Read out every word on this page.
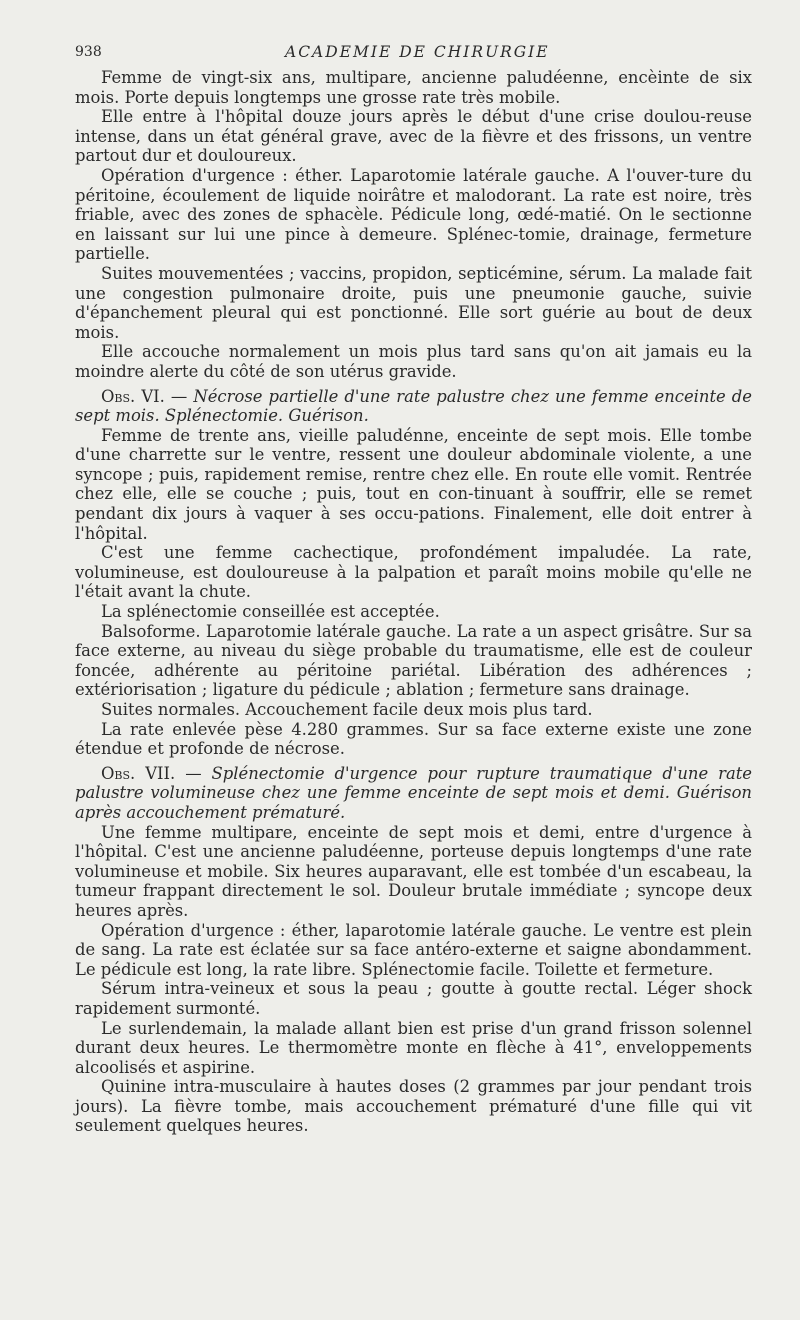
938	ACADEMIE DE CHIRURGIE

Femme de vingt-six ans, multipare, ancienne paludéenne, encèinte de six mois. Porte depuis longtemps une grosse rate très mobile.

Elle entre à l'hôpital douze jours après le début d'une crise doulou-reuse intense, dans un état général grave, avec de la fièvre et des frissons, un ventre partout dur et douloureux.

Opération d'urgence : éther. Laparotomie latérale gauche. A l'ouver-ture du péritoine, écoulement de liquide noirâtre et malodorant. La rate est noire, très friable, avec des zones de sphacèle. Pédicule long, œdé-matié. On le sectionne en laissant sur lui une pince à demeure. Splénec-tomie, drainage, fermeture partielle.

Suites mouvementées ; vaccins, propidon, septicémine, sérum. La malade fait une congestion pulmonaire droite, puis une pneumonie gauche, suivie d'épanchement pleural qui est ponctionné. Elle sort guérie au bout de deux mois.

Elle accouche normalement un mois plus tard sans qu'on ait jamais eu la moindre alerte du côté de son utérus gravide.

Obs. VI. — Nécrose partielle d'une rate palustre chez une femme enceinte de sept mois. Splénectomie. Guérison.

Femme de trente ans, vieille paludénne, enceinte de sept mois. Elle tombe d'une charrette sur le ventre, ressent une douleur abdominale violente, a une syncope ; puis, rapidement remise, rentre chez elle. En route elle vomit. Rentrée chez elle, elle se couche ; puis, tout en con-tinuant à souffrir, elle se remet pendant dix jours à vaquer à ses occu-pations. Finalement, elle doit entrer à l'hôpital.

C'est une femme cachectique, profondément impaludée. La rate, volumineuse, est douloureuse à la palpation et paraît moins mobile qu'elle ne l'était avant la chute.

La splénectomie conseillée est acceptée.

Balsoforme. Laparotomie latérale gauche. La rate a un aspect grisâtre. Sur sa face externe, au niveau du siège probable du traumatisme, elle est de couleur foncée, adhérente au péritoine pariétal. Libération des adhérences ; extériorisation ; ligature du pédicule ; ablation ; fermeture sans drainage.

Suites normales. Accouchement facile deux mois plus tard.

La rate enlevée pèse 4.280 grammes. Sur sa face externe existe une zone étendue et profonde de nécrose.

Obs. VII. — Splénectomie d'urgence pour rupture traumatique d'une rate palustre volumineuse chez une femme enceinte de sept mois et demi. Guérison après accouchement prématuré.

Une femme multipare, enceinte de sept mois et demi, entre d'urgence à l'hôpital. C'est une ancienne paludéenne, porteuse depuis longtemps d'une rate volumineuse et mobile. Six heures auparavant, elle est tombée d'un escabeau, la tumeur frappant directement le sol. Douleur brutale immédiate ; syncope deux heures après.

Opération d'urgence : éther, laparotomie latérale gauche. Le ventre est plein de sang. La rate est éclatée sur sa face antéro-externe et saigne abondamment. Le pédicule est long, la rate libre. Splénectomie facile. Toilette et fermeture.

Sérum intra-veineux et sous la peau ; goutte à goutte rectal. Léger shock rapidement surmonté.

Le surlendemain, la malade allant bien est prise d'un grand frisson solennel durant deux heures. Le thermomètre monte en flèche à 41°, enveloppements alcoolisés et aspirine.

Quinine intra-musculaire à hautes doses (2 grammes par jour pendant trois jours). La fièvre tombe, mais accouchement prématuré d'une fille qui vit seulement quelques heures.
